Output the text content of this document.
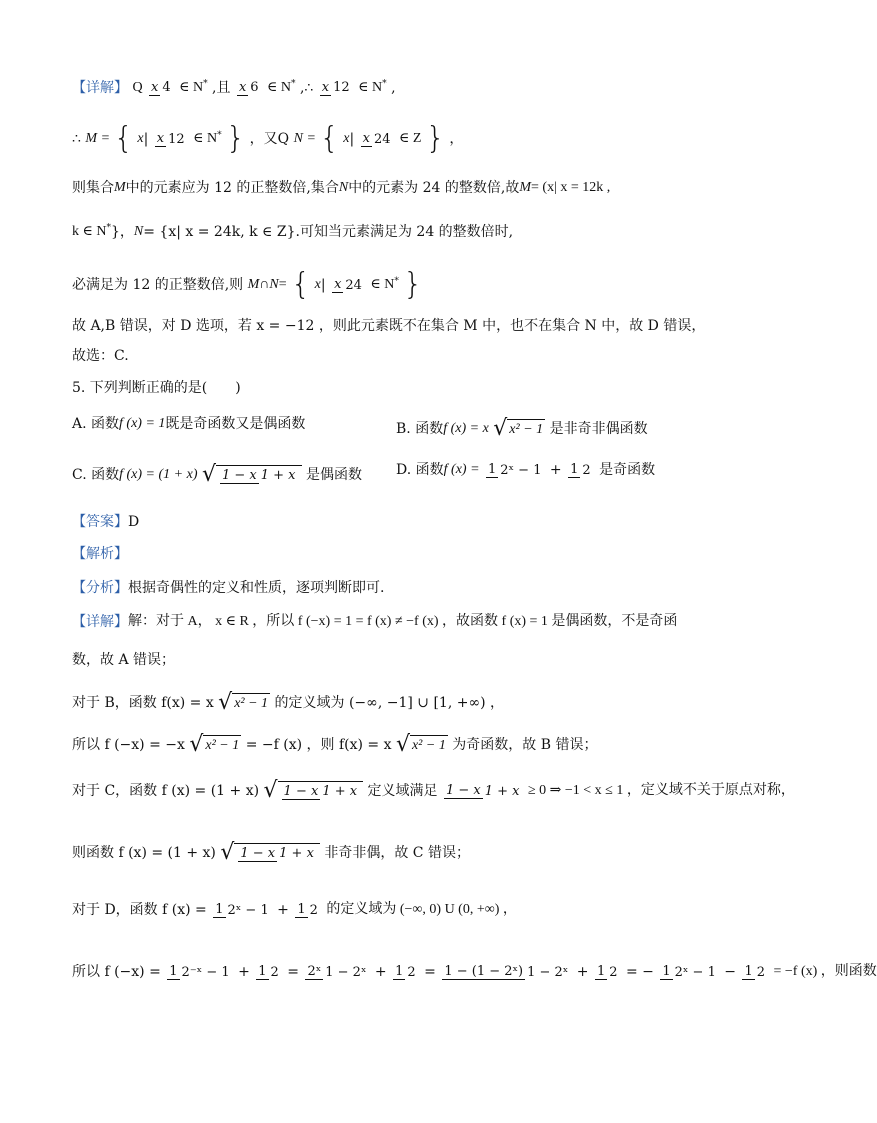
【详解】 Q x 4 ∈ N* ,且 x 6 ∈ N* ,∴ x 12 ∈ N* ,
∴ M = { x| x 12 ∈ N* } ，又Q N = { x| x 24 ∈ Z } ，
则集合M中的元素应为 12 的正整数倍,集合N中的元素为 24 的整数倍,故M= (x| x = 12k ,
k ∈ N*}，N= {x| x = 24k, k ∈ Z}.可知当元素满足为 24 的整数倍时,
必满足为 12 的正整数倍,则 M∩N= { x| x 24 ∈ N* }
故 A,B 错误，对 D 选项，若 x = −12 ，则此元素既不在集合 M 中，也不在集合 N 中，故 D 错误，
故选：C.
5. 下列判断正确的是(　　)
A. 函数f (x) = 1既是奇函数又是偶函数	B. 函数f (x) = x √ x² − 1 是非奇非偶函数
C. 函数f (x) = (1 + x) √ 1 − x 1 + x 是偶函数 D. 函数f (x) = 1 2ˣ − 1 + 1 2 是奇函数
【答案】D
【解析】
【分析】根据奇偶性的定义和性质，逐项判断即可.
【详解】解：对于 A， x ∈ R ，所以 f (−x) = 1 = f (x) ≠ −f (x) ，故函数 f (x) = 1 是偶函数，不是奇函
数，故 A 错误；
对于 B，函数 f(x) = x √ x² − 1 的定义域为 (−∞, −1] ∪ [1, +∞) ，
所以 f (−x) = −x √ x² − 1 = −f (x) ，则 f(x) = x √ x² − 1 为奇函数，故 B 错误；
对于 C，函数 f (x) = (1 + x) √ 1 − x 1 + x 定义域满足 1 − x 1 + x ≥ 0 ⇒ −1 < x ≤ 1 ，定义域不关于原点对称，
则函数 f (x) = (1 + x) √ 1 − x 1 + x 非奇非偶，故 C 错误；
对于 D，函数 f (x) = 1 2ˣ − 1 + 1 2 的定义域为 (−∞, 0) U (0, +∞) ，
所以 f (−x) = 1 2⁻ˣ − 1 + 1 2 = 2ˣ 1 − 2ˣ + 1 2 = 1 − (1 − 2ˣ) 1 − 2ˣ + 1 2 = − 1 2ˣ − 1 − 1 2 = −f (x) ，则函数
